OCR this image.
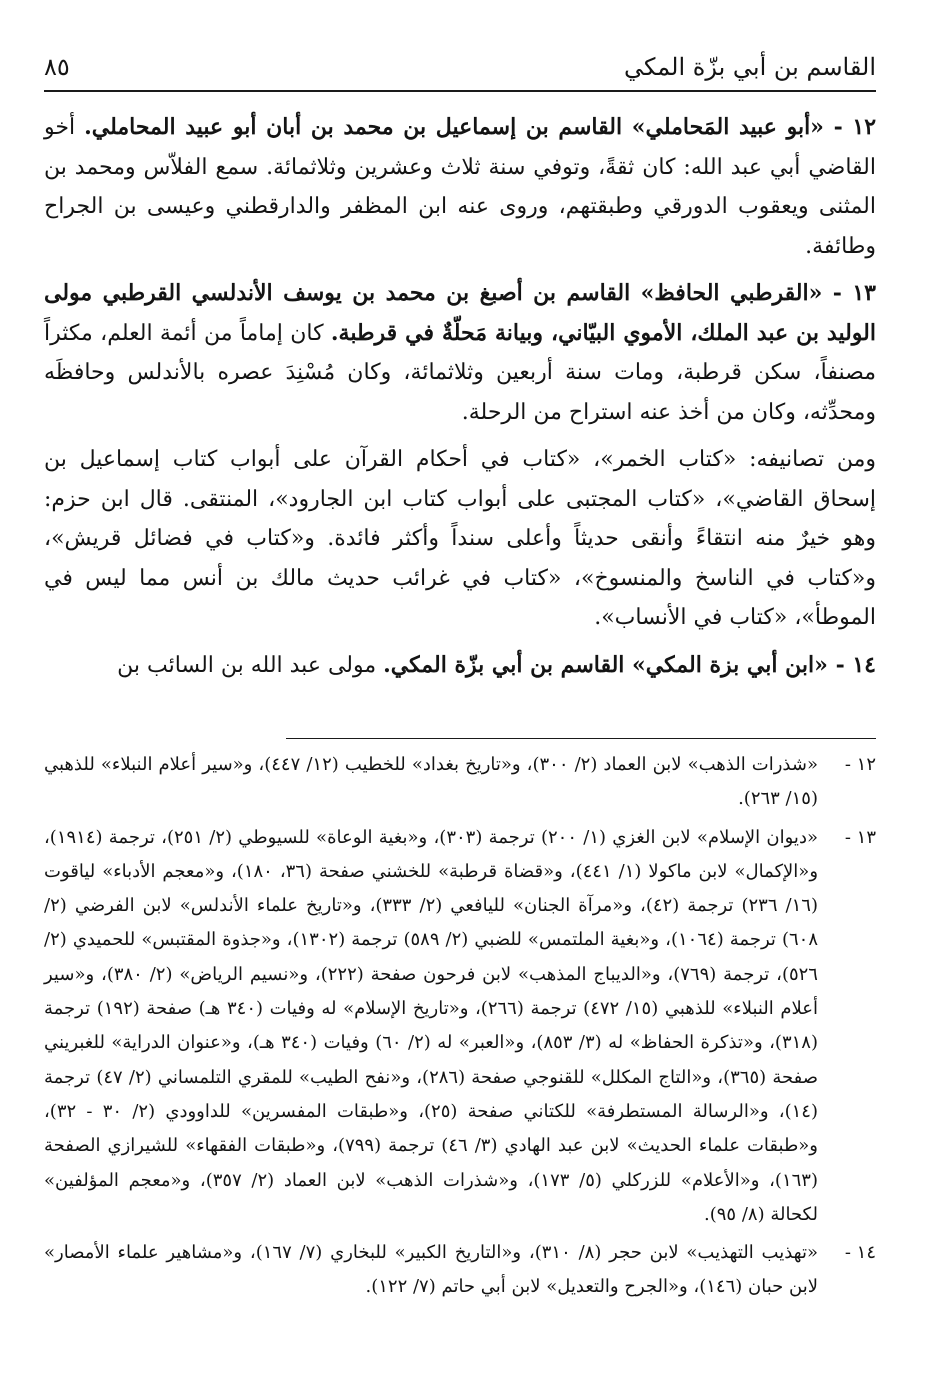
القاسم بن أبي بزّة المكي
٨٥

١٢ - «أبو عبيد المَحاملي» القاسم بن إسماعيل بن محمد بن أبان أبو عبيد المحاملي. أخو القاضي أبي عبد الله: كان ثقةً، وتوفي سنة ثلاث وعشرين وثلاثمائة. سمع الفلاّس ومحمد بن المثنى ويعقوب الدورقي وطبقتهم، وروى عنه ابن المظفر والدارقطني وعيسى بن الجراح وطائفة.

١٣ - «القرطبي الحافظ» القاسم بن أصبغ بن محمد بن يوسف الأندلسي القرطبي مولى الوليد بن عبد الملك، الأموي البيّاني، وبيانة مَحلّةٌ في قرطبة. كان إماماً من أئمة العلم، مكثراً مصنفاً، سكن قرطبة، ومات سنة أربعين وثلاثمائة، وكان مُسْنِدَ عصره بالأندلس وحافظَه ومحدِّثه، وكان من أخذ عنه استراح من الرحلة.

ومن تصانيفه: «كتاب الخمر»، «كتاب في أحكام القرآن على أبواب كتاب إسماعيل بن إسحاق القاضي»، «كتاب المجتبى على أبواب كتاب ابن الجارود»، المنتقى. قال ابن حزم: وهو خيرٌ منه انتقاءً وأنقى حديثاً وأعلى سنداً وأكثر فائدة. و«كتاب في فضائل قريش»، و«كتاب في الناسخ والمنسوخ»، «كتاب في غرائب حديث مالك بن أنس مما ليس في الموطأ»، «كتاب في الأنساب».

١٤ - «ابن أبي بزة المكي» القاسم بن أبي بزّة المكي. مولى عبد الله بن السائب بن

١٢ -
«شذرات الذهب» لابن العماد (٢/ ٣٠٠)، و«تاريخ بغداد» للخطيب (١٢/ ٤٤٧)، و«سير أعلام النبلاء» للذهبي (١٥/ ٢٦٣).
١٣ -
«ديوان الإسلام» لابن الغزي (١/ ٢٠٠) ترجمة (٣٠٣)، و«بغية الوعاة» للسيوطي (٢/ ٢٥١)، ترجمة (١٩١٤)، و«الإكمال» لابن ماكولا (١/ ٤٤١)، و«قضاة قرطبة» للخشني صفحة (٣٦، ١٨٠)، و«معجم الأدباء» لياقوت (١٦/ ٢٣٦) ترجمة (٤٢)، و«مرآة الجنان» لليافعي (٢/ ٣٣٣)، و«تاريخ علماء الأندلس» لابن الفرضي (٢/ ٦٠٨) ترجمة (١٠٦٤)، و«بغية الملتمس» للضبي (٢/ ٥٨٩) ترجمة (١٣٠٢)، و«جذوة المقتبس» للحميدي (٢/ ٥٢٦)، ترجمة (٧٦٩)، و«الديباج المذهب» لابن فرحون صفحة (٢٢٢)، و«نسيم الرياض» (٢/ ٣٨٠)، و«سير أعلام النبلاء» للذهبي (١٥/ ٤٧٢) ترجمة (٢٦٦)، و«تاريخ الإسلام» له وفيات (٣٤٠ هـ) صفحة (١٩٢) ترجمة (٣١٨)، و«تذكرة الحفاظ» له (٣/ ٨٥٣)، و«العبر» له (٢/ ٦٠) وفيات (٣٤٠ هـ)، و«عنوان الدراية» للغبريني صفحة (٣٦٥)، و«التاج المكلل» للقنوجي صفحة (٢٨٦)، و«نفح الطيب» للمقري التلمساني (٢/ ٤٧) ترجمة (١٤)، و«الرسالة المستطرفة» للكتاني صفحة (٢٥)، و«طبقات المفسرين» للداوودي (٢/ ٣٠ - ٣٢)، و«طبقات علماء الحديث» لابن عبد الهادي (٣/ ٤٦) ترجمة (٧٩٩)، و«طبقات الفقهاء» للشيرازي الصفحة (١٦٣)، و«الأعلام» للزركلي (٥/ ١٧٣)، و«شذرات الذهب» لابن العماد (٢/ ٣٥٧)، و«معجم المؤلفين» لكحالة (٨/ ٩٥).
١٤ -
«تهذيب التهذيب» لابن حجر (٨/ ٣١٠)، و«التاريخ الكبير» للبخاري (٧/ ١٦٧)، و«مشاهير علماء الأمصار» لابن حبان (١٤٦)، و«الجرح والتعديل» لابن أبي حاتم (٧/ ١٢٢).
